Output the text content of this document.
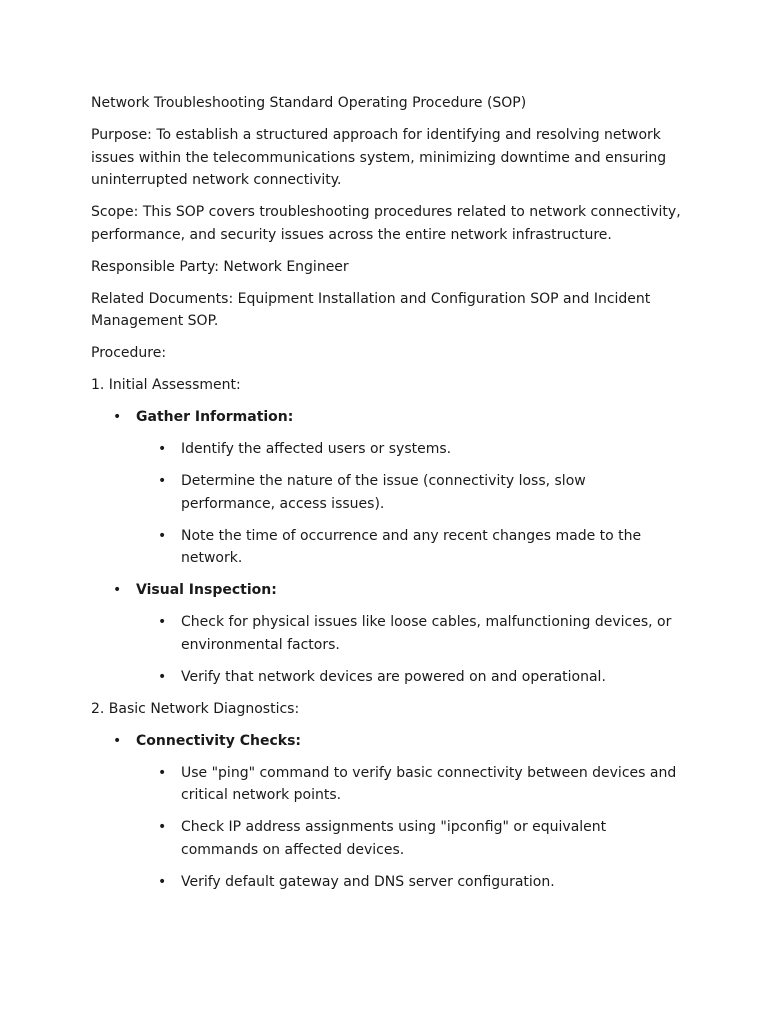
Network Troubleshooting Standard Operating Procedure (SOP)

Purpose: To establish a structured approach for identifying and resolving network issues within the telecommunications system, minimizing downtime and ensuring uninterrupted network connectivity.

Scope: This SOP covers troubleshooting procedures related to network connectivity, performance, and security issues across the entire network infrastructure.

Responsible Party: Network Engineer

Related Documents: Equipment Installation and Configuration SOP and Incident Management SOP.

Procedure:

1. Initial Assessment:

• Gather Information:
• Identify the affected users or systems.
• Determine the nature of the issue (connectivity loss, slow performance, access issues).
• Note the time of occurrence and any recent changes made to the network.
• Visual Inspection:
• Check for physical issues like loose cables, malfunctioning devices, or environmental factors.
• Verify that network devices are powered on and operational.

2. Basic Network Diagnostics:

• Connectivity Checks:
• Use "ping" command to verify basic connectivity between devices and critical network points.
• Check IP address assignments using "ipconfig" or equivalent commands on affected devices.
• Verify default gateway and DNS server configuration.
